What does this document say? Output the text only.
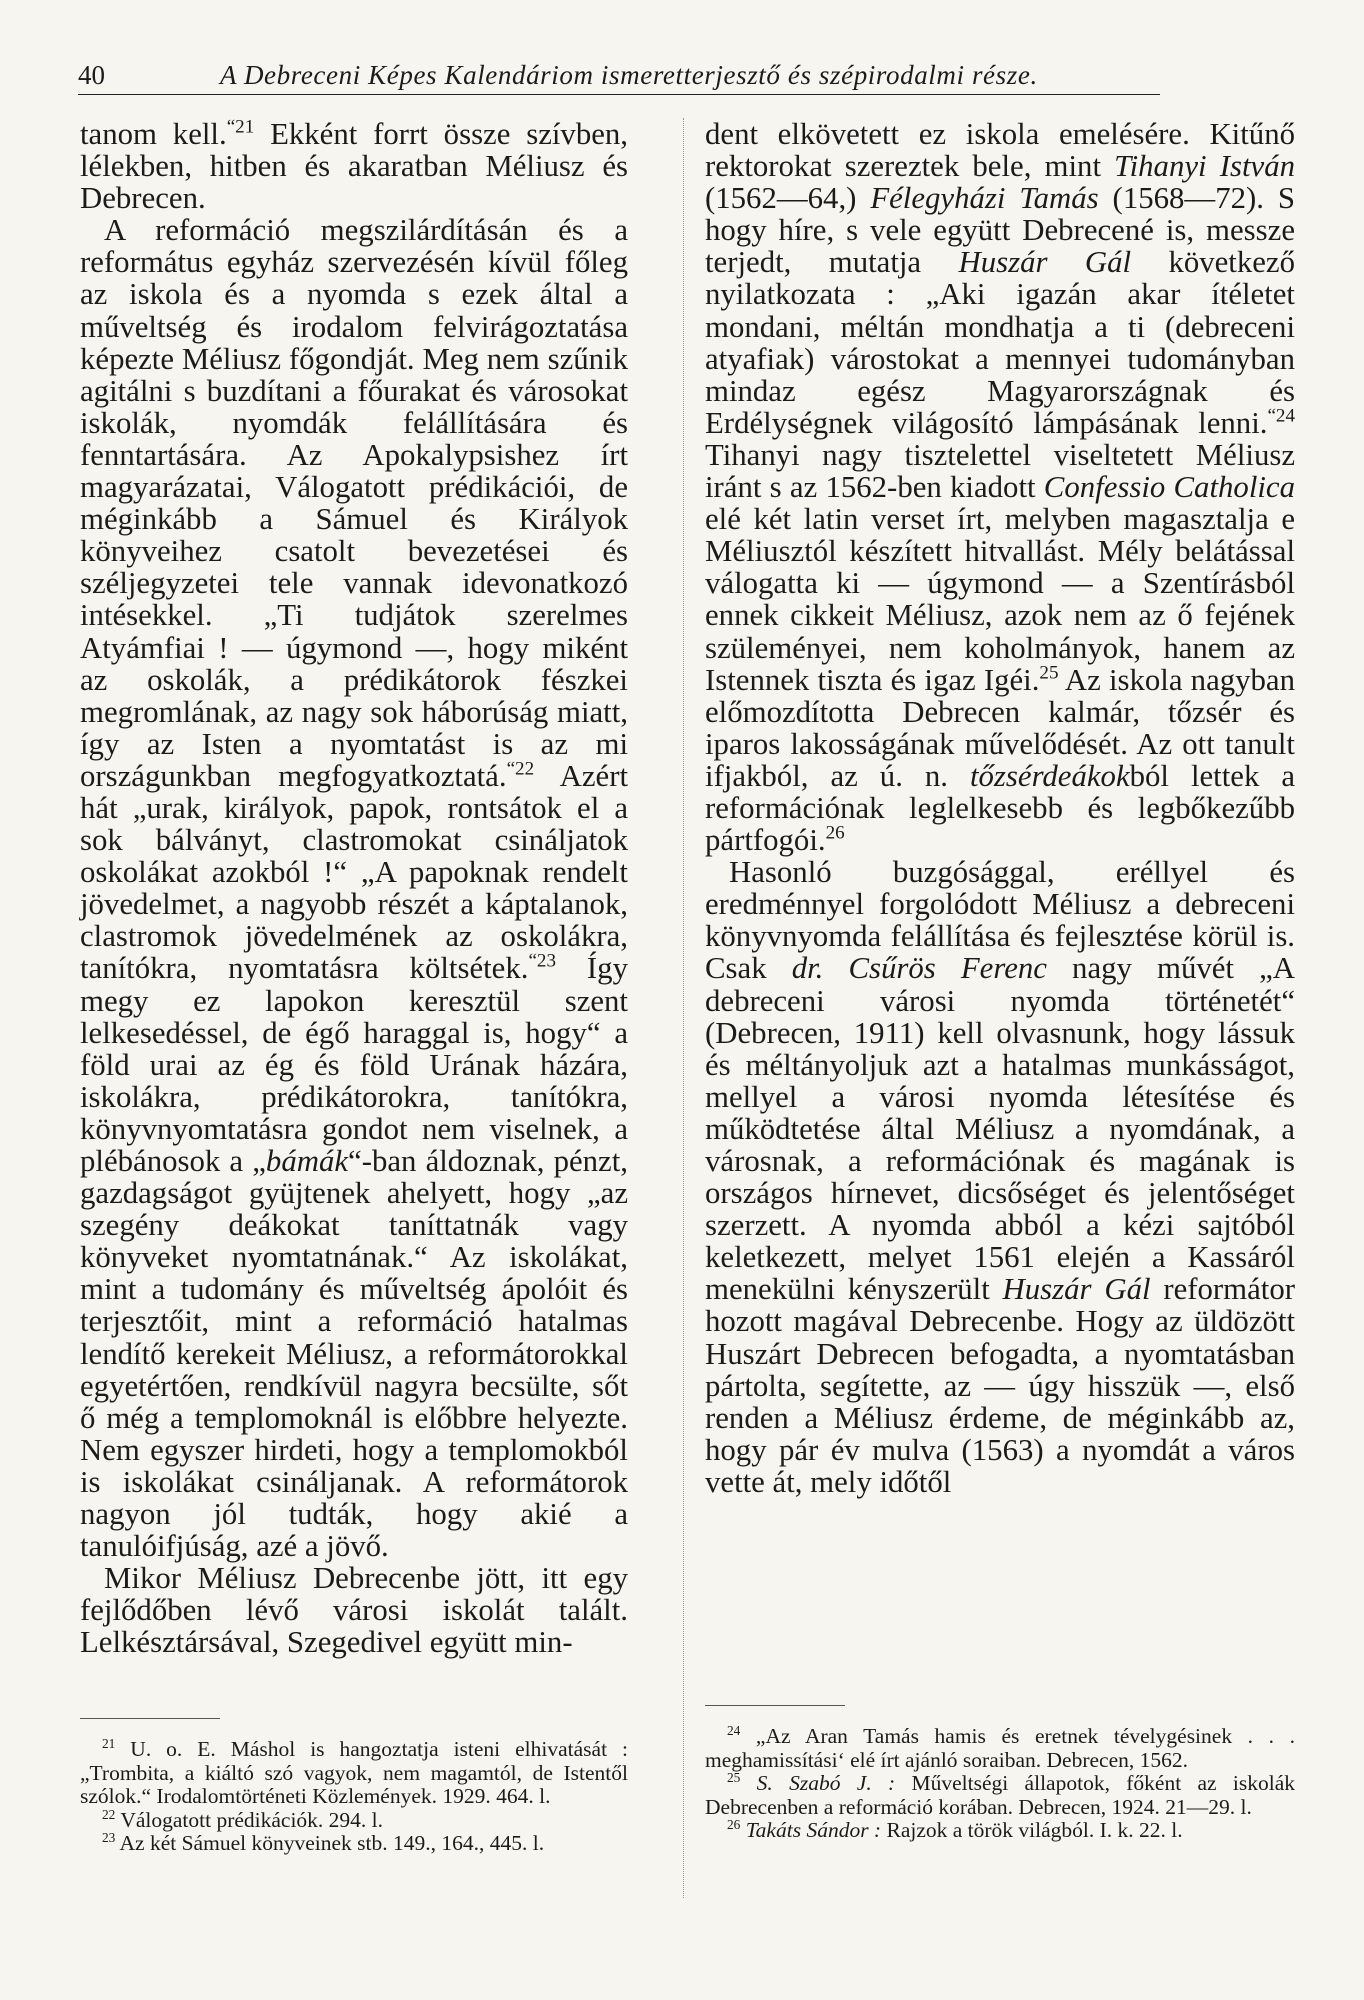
40	A Debreceni Képes Kalendáriom ismeretterjesztő és szépirodalmi része.

tanom kell.$^{“21}$ Ekként forrt össze szívben, lélekben, hitben és akaratban Méliusz és Debrecen.

A reformáció megszilárdításán és a református egyház szervezésén kívül főleg az iskola és a nyomda s ezek által a műveltség és irodalom felvirágoztatása képezte Méliusz főgondját. Meg nem szűnik agitálni s buzdítani a főurakat és városokat iskolák, nyomdák felállítására és fenntartására. Az Apokalypsishez írt magyarázatai, Válogatott prédikációi, de méginkább a Sámuel és Királyok könyveihez csatolt bevezetései és széljegyzetei tele vannak idevonatkozó intésekkel. „Ti tudjátok szerelmes Atyámfiai ! — úgymond —, hogy miként az oskolák, a prédikátorok fészkei megromlának, az nagy sok háborúság miatt, így az Isten a nyomtatást is az mi országunkban megfogyatkoztatá.$^{“22}$ Azért hát „urak, királyok, papok, rontsátok el a sok bálványt, clastromokat csináljatok oskolákat azokból !“ „A papoknak rendelt jövedelmet, a nagyobb részét a káptalanok, clastromok jövedelmének az oskolákra, tanítókra, nyomtatásra költsétek.$^{“23}$ Így megy ez lapokon keresztül szent lelkesedéssel, de égő haraggal is, hogy“ a föld urai az ég és föld Urának házára, iskolákra, prédikátorokra, tanítókra, könyvnyomtatásra gondot nem viselnek, a plébánosok a „bámák“-ban áldoznak, pénzt, gazdagságot gyüjtenek ahelyett, hogy „az szegény deákokat taníttatnák vagy könyveket nyomtatnának.“ Az iskolákat, mint a tudomány és műveltség ápolóit és terjesztőit, mint a reformáció hatalmas lendítő kerekeit Méliusz, a reformátorokkal egyetértően, rendkívül nagyra becsülte, sőt ő még a templomoknál is előbbre helyezte. Nem egyszer hirdeti, hogy a templomokból is iskolákat csináljanak. A reformátorok nagyon jól tudták, hogy akié a tanulóifjúság, azé a jövő.

Mikor Méliusz Debrecenbe jött, itt egy fejlődőben lévő városi iskolát talált. Lelkésztársával, Szegedivel együtt min-

dent elkövetett ez iskola emelésére. Kitűnő rektorokat szereztek bele, mint Tihanyi István (1562—64,) Félegyházi Tamás (1568—72). S hogy híre, s vele együtt Debrecené is, messze terjedt, mutatja Huszár Gál következő nyilatkozata : „Aki igazán akar ítéletet mondani, méltán mondhatja a ti (debreceni atyafiak) várostokat a mennyei tudományban mindaz egész Magyarországnak és Erdélységnek világosító lámpásának lenni.$^{“24}$ Tihanyi nagy tisztelettel viseltetett Méliusz iránt s az 1562-ben kiadott Confessio Catholica elé két latin verset írt, melyben magasztalja e Méliusztól készített hitvallást. Mély belátással válogatta ki — úgymond — a Szentírásból ennek cikkeit Méliusz, azok nem az ő fejének szüleményei, nem koholmányok, hanem az Istennek tiszta és igaz Igéi.$^{25}$ Az iskola nagyban előmozdította Debrecen kalmár, tőzsér és iparos lakosságának művelődését. Az ott tanult ifjakból, az ú. n. tőzsérdeákokból lettek a reformációnak leglelkesebb és legbőkezűbb pártfogói.$^{26}$

Hasonló buzgósággal, eréllyel és eredménnyel forgolódott Méliusz a debreceni könyvnyomda felállítása és fejlesztése körül is. Csak dr. Csűrös Ferenc nagy művét „A debreceni városi nyomda történetét“ (Debrecen, 1911) kell olvasnunk, hogy lássuk és méltányoljuk azt a hatalmas munkásságot, mellyel a városi nyomda létesítése és működtetése által Méliusz a nyomdának, a városnak, a reformációnak és magának is országos hírnevet, dicsőséget és jelentőséget szerzett. A nyomda abból a kézi sajtóból keletkezett, melyet 1561 elején a Kassáról menekülni kényszerült Huszár Gál reformátor hozott magával Debrecenbe. Hogy az üldözött Huszárt Debrecen befogadta, a nyomtatásban pártolta, segítette, az — úgy hisszük —, első renden a Méliusz érdeme, de méginkább az, hogy pár év mulva (1563) a nyomdát a város vette át, mely időtől

$^{21}$ U. o. E. Máshol is hangoztatja isteni elhivatását : „Trombita, a kiáltó szó vagyok, nem magamtól, de Istentől szólok.“ Irodalomtörténeti Közlemények. 1929. 464. l.

$^{22}$ Válogatott prédikációk. 294. l.

$^{23}$ Az két Sámuel könyveinek stb. 149., 164., 445. l.

$^{24}$ „Az Aran Tamás hamis és eretnek tévelygésinek . . . meghamissításiʻ elé írt ajánló soraiban. Debrecen, 1562.

$^{25}$ S. Szabó J. : Műveltségi állapotok, főként az iskolák Debrecenben a reformáció korában. Debrecen, 1924. 21—29. l.

$^{26}$ Takáts Sándor : Rajzok a török világból. I. k. 22. l.
